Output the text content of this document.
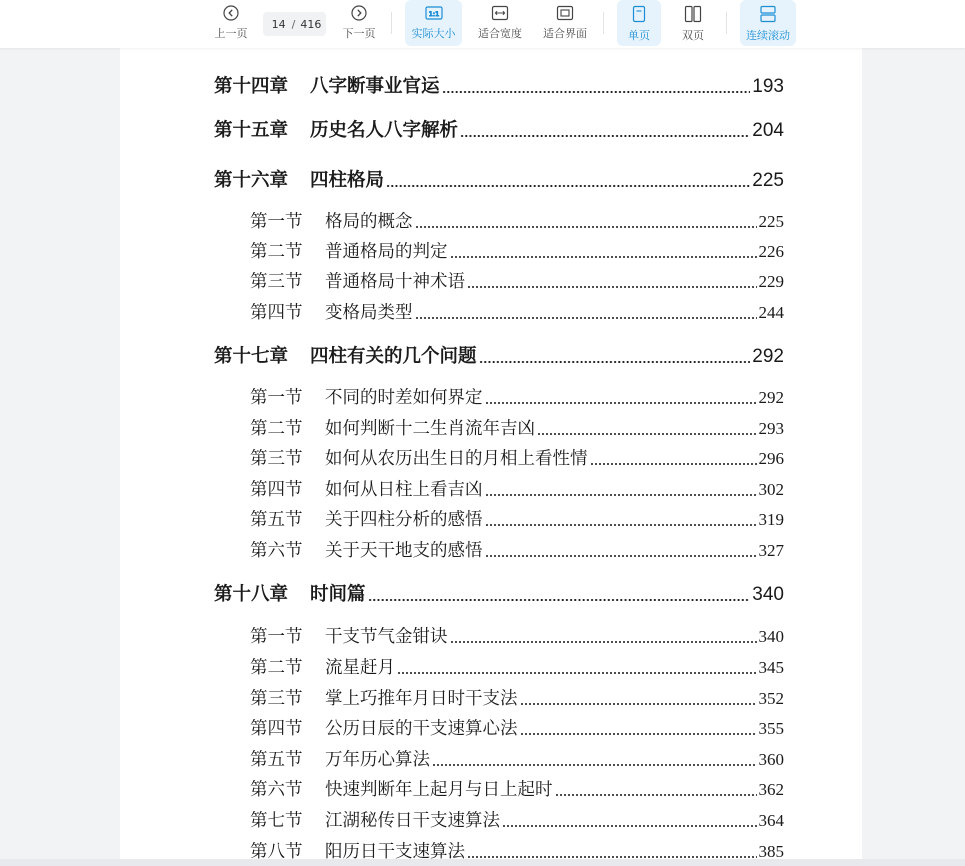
上一页
14
/ 416
下一页
1:1
实际大小 适合宽度 适合界面	单页	双页	连续滚动
第十四章	八字断事业官运	193
第十五章	历史名人八字解析	204
第十六章	四柱格局	225
第一节	格局的概念	225
第二节	普通格局的判定	226
第三节	普通格局十神术语	229
第四节	变格局类型	244
第十七章	四柱有关的几个问题	292
第一节	不同的时差如何界定	292
第二节	如何判断十二生肖流年吉凶	293
第三节	如何从农历出生日的月相上看性情	296
第四节	如何从日柱上看吉凶	302
第五节	关于四柱分析的感悟	319
第六节	关于天干地支的感悟	327
第十八章	时间篇	340
第一节	干支节气金钳诀	340
第二节	流星赶月	345
第三节	掌上巧推年月日时干支法	352
第四节	公历日辰的干支速算心法	355
第五节	万年历心算法	360
第六节	快速判断年上起月与日上起时	362
第七节	江湖秘传日干支速算法	364
第八节	阳历日干支速算法	385
